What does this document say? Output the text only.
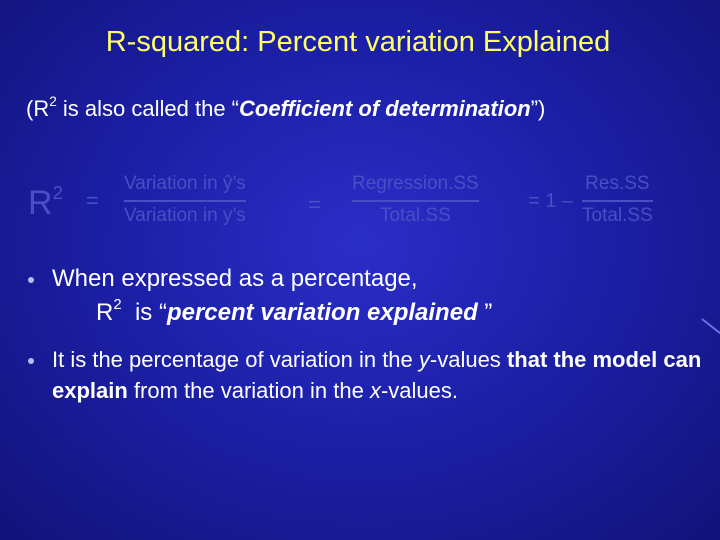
R-squared: Percent variation Explained
($R^2$ is also called the “Coefficient of determination”)
$R^2$ =
Variation in ŷ’s
Variation in y’s	=
Regression.SS
Total.SS
= 1 –
Res.SS
Total.SS
When expressed as a percentage,
$R^2$  is “percent variation explained ”
It is the percentage of variation in the y-values that the model can explain from the variation in the x-values.
